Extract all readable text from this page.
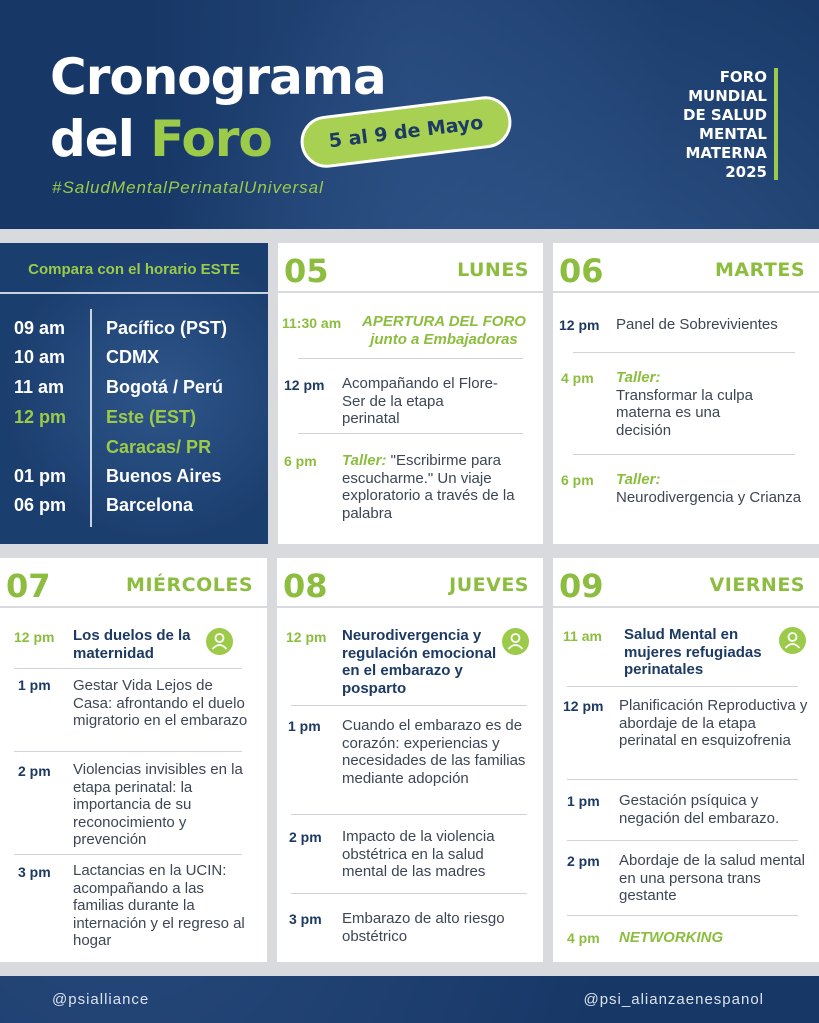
Cronograma
del Foro	5 al 9 de Mayo
#SaludMentalPerinatalUniversal
FORO
MUNDIAL
DE SALUD
MENTAL
MATERNA
2025
Compara con el horario ESTE
09 am Pacífico (PST)
10 am CDMX
11 am Bogotá / Perú
12 pm Este (EST)
Caracas/ PR
01 pm Buenos Aires
06 pm Barcelona
05	LUNES
11:30 am	APERTURA DEL FORO junto a Embajadoras
12 pm Acompañando el Flore-Ser de la etapa perinatal
6 pm Taller: "Escribirme para escucharme." Un viaje exploratorio a través de la palabra
06	MARTES
12 pm Panel de Sobrevivientes
4 pm Taller:
Transformar la culpa materna es una decisión
6 pm Taller:
Neurodivergencia y Crianza
07	MIÉRCOLES
12 pm Los duelos de la maternidad
1 pm Gestar Vida Lejos de Casa: afrontando el duelo migratorio en el embarazo
2 pm Violencias invisibles en la etapa perinatal: la importancia de su reconocimiento y prevención
3 pm Lactancias en la UCIN: acompañando a las familias durante la internación y el regreso al hogar
08	JUEVES
12 pm Neurodivergencia y regulación emocional en el embarazo y posparto
1 pm Cuando el embarazo es de corazón: experiencias y necesidades de las familias mediante adopción
2 pm Impacto de la violencia obstétrica en la salud mental de las madres
3 pm Embarazo de alto riesgo obstétrico
09	VIERNES
11 am Salud Mental en mujeres refugiadas perinatales
12 pm Planificación Reproductiva y abordaje de la etapa perinatal en esquizofrenia
1 pm Gestación psíquica y negación del embarazo.
2 pm Abordaje de la salud mental en una persona trans gestante
4 pm NETWORKING
@psialliance	@psi_alianzaenespanol
